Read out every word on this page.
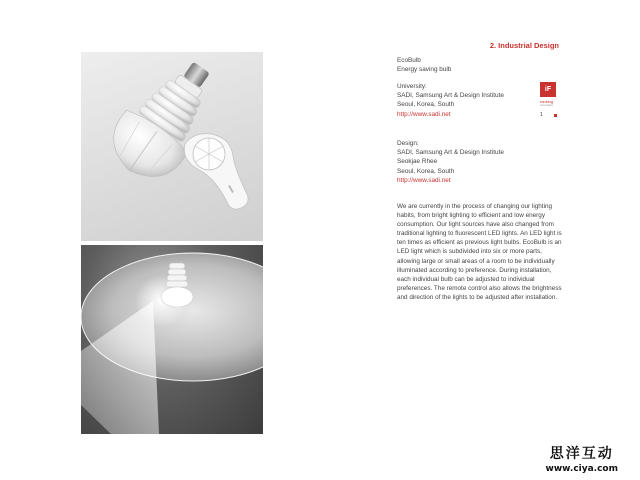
2. Industrial Design
EcoBulb
Energy saving bulb
University:
SADI, Samsung Art & Design Institute
Seoul, Korea, South
http://www.sadi.net
iF
ranking
universities
1
Design:
SADI, Samsung Art & Design Institute
Seokjae Rhee
Seoul, Korea, South
http://www.sadi.net
We are currently in the process of changing our lighting habits, from bright lighting to efficient and low energy consumption. Our light sources have also changed from traditional lighting to fluorescent LED lights. An LED light is ten times as efficient as previous light bulbs. EcoBulb is an LED light which is subdivided into six or more parts, allowing large or small areas of a room to be individually illuminated according to preference. During installation, each individual bulb can be adjusted to individual preferences. The remote control also allows the brightness and direction of the lights to be adjusted after installation.
思洋互动
www.ciya.com
